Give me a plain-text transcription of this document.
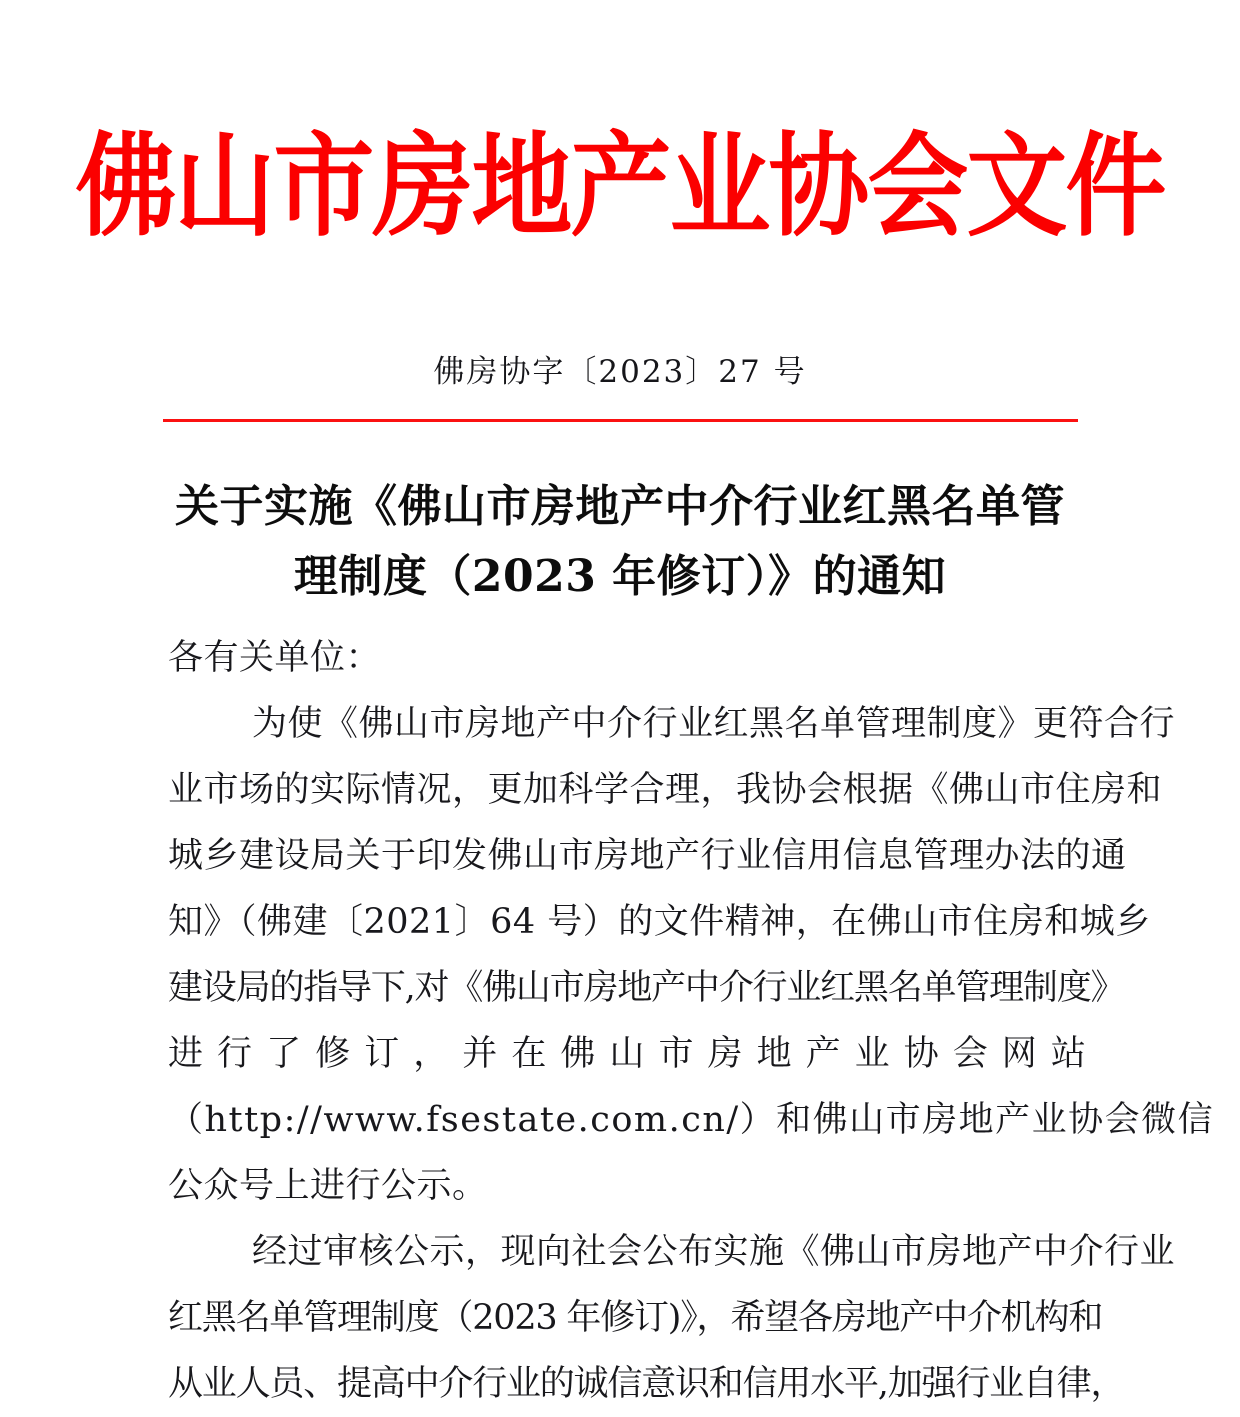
佛山市房地产业协会文件
佛房协字〔2023〕27 号
关于实施《佛山市房地产中介行业红黑名单管
理制度（2023 年修订）》的通知
各有关单位：
为使《佛山市房地产中介行业红黑名单管理制度》更符合行
业市场的实际情况，更加科学合理，我协会根据《佛山市住房和
城乡建设局关于印发佛山市房地产行业信用信息管理办法的通
知》（佛建〔2021〕64 号）的文件精神，在佛山市住房和城乡
建设局的指导下,对《佛山市房地产中介行业红黑名单管理制度》
进 行 了 修 订 ， 并 在 佛 山 市 房 地 产 业 协 会 网 站
（http://www.fsestate.com.cn/）和佛山市房地产业协会微信
公众号上进行公示。
经过审核公示，现向社会公布实施《佛山市房地产中介行业
红黑名单管理制度（2023 年修订)》，希望各房地产中介机构和
从业人员、提高中介行业的诚信意识和信用水平,加强行业自律，
